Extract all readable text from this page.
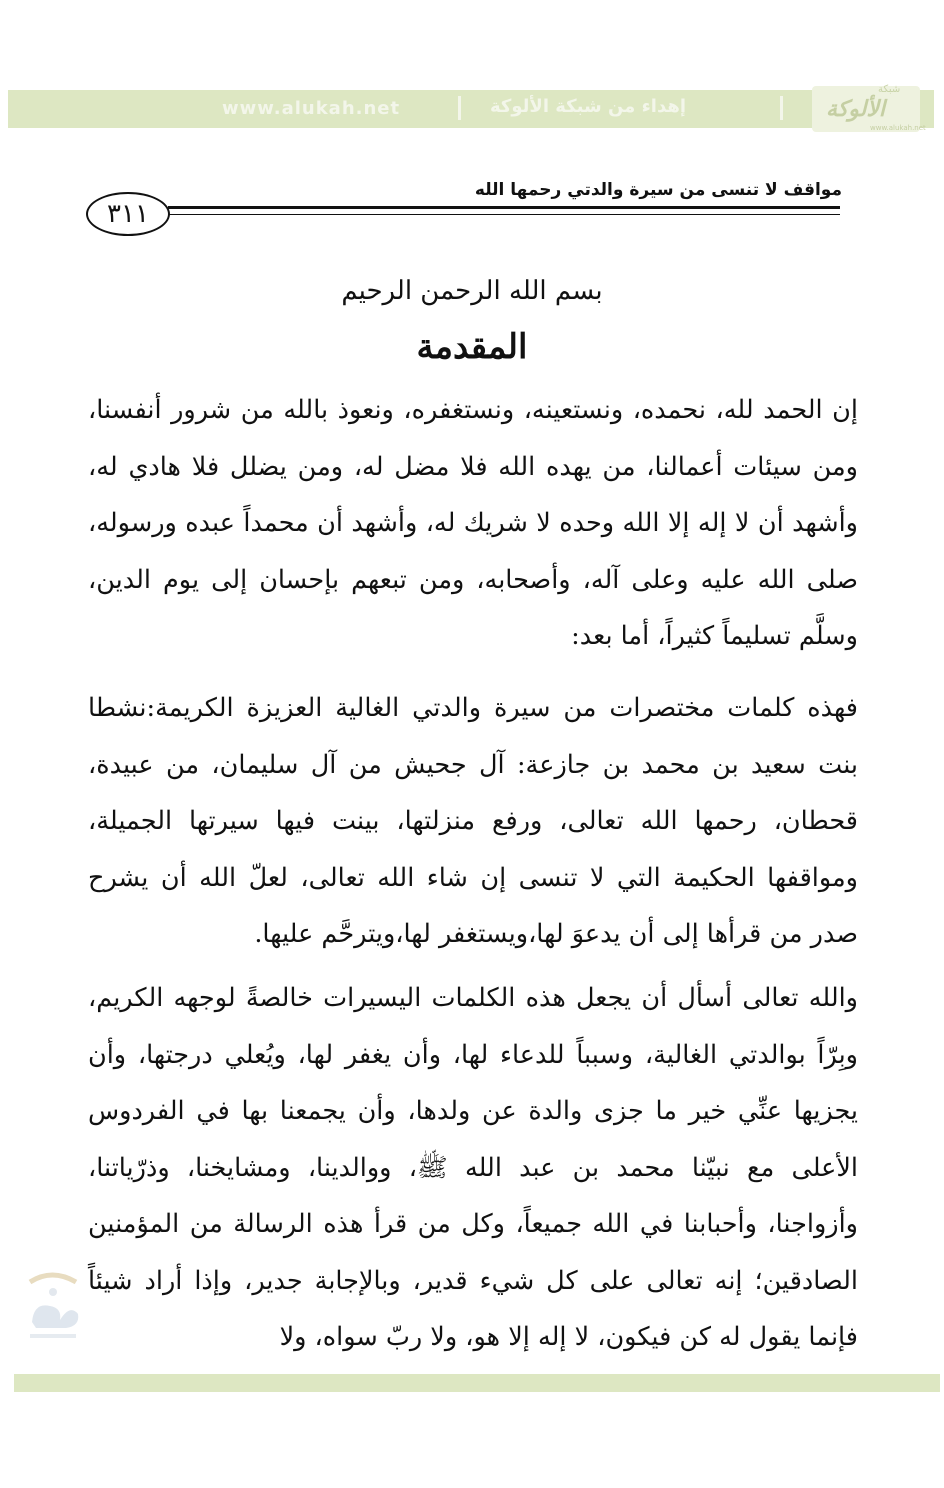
www.alukah.net	إهداء من شبكة الألوكة
شبكة
الألوكة
www.alukah.net
مواقف لا تنسى من سيرة والدتي رحمها الله
٣١١
بسم الله الرحمن الرحيم
المقدمة

إن الحمد لله، نحمده، ونستعينه، ونستغفره، ونعوذ بالله من شرور أنفسنا، ومن سيئات أعمالنا، من يهده الله فلا مضل له، ومن يضلل فلا هادي له، وأشهد أن لا إله إلا الله وحده لا شريك له، وأشهد أن محمداً عبده ورسوله، صلى الله عليه وعلى آله، وأصحابه، ومن تبعهم بإحسان إلى يوم الدين، وسلَّم تسليماً كثيراً، أما بعد:

فهذه كلمات مختصرات من سيرة والدتي الغالية العزيزة الكريمة:نشطا بنت سعيد بن محمد بن جازعة: آل جحيش من آل سليمان، من عبيدة، قحطان، رحمها الله تعالى، ورفع منزلتها، بينت فيها سيرتها الجميلة، ومواقفها الحكيمة التي لا تنسى إن شاء الله تعالى، لعلّ الله أن يشرح صدر من قرأها إلى أن يدعوَ لها،ويستغفر لها،ويترحَّم عليها.

والله تعالى أسأل أن يجعل هذه الكلمات اليسيرات خالصةً لوجهه الكريم، وبِرّاً بوالدتي الغالية، وسبباً للدعاء لها، وأن يغفر لها، ويُعلي درجتها، وأن يجزيها عنِّي خير ما جزى والدة عن ولدها، وأن يجمعنا بها في الفردوس الأعلى مع نبيّنا محمد بن عبد الله ﷺ، ووالدينا، ومشايخنا، وذرّياتنا، وأزواجنا، وأحبابنا في الله جميعاً، وكل من قرأ هذه الرسالة من المؤمنين الصادقين؛ إنه تعالى على كل شيء قدير، وبالإجابة جدير، وإذا أراد شيئاً فإنما يقول له كن فيكون، لا إله إلا هو، ولا ربّ سواه، ولا
